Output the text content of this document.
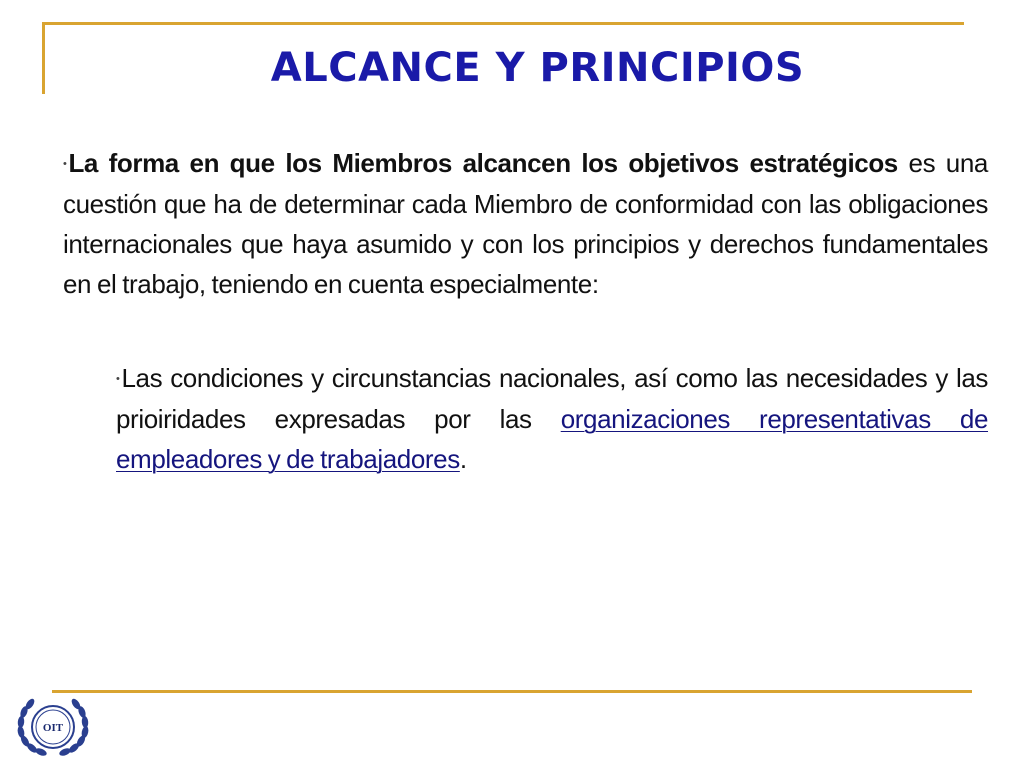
ALCANCE Y PRINCIPIOS

•La forma en que los Miembros alcancen los objetivos estratégicos es una cuestión que ha de determinar cada Miembro de conformidad con las obligaciones internacionales que haya asumido y con los principios y derechos fundamentales en el trabajo, teniendo en cuenta especialmente:

•Las condiciones y circunstancias nacionales, así como las necesidades y las prioiridades expresadas por las organizaciones representativas de empleadores y de trabajadores.

OIT
